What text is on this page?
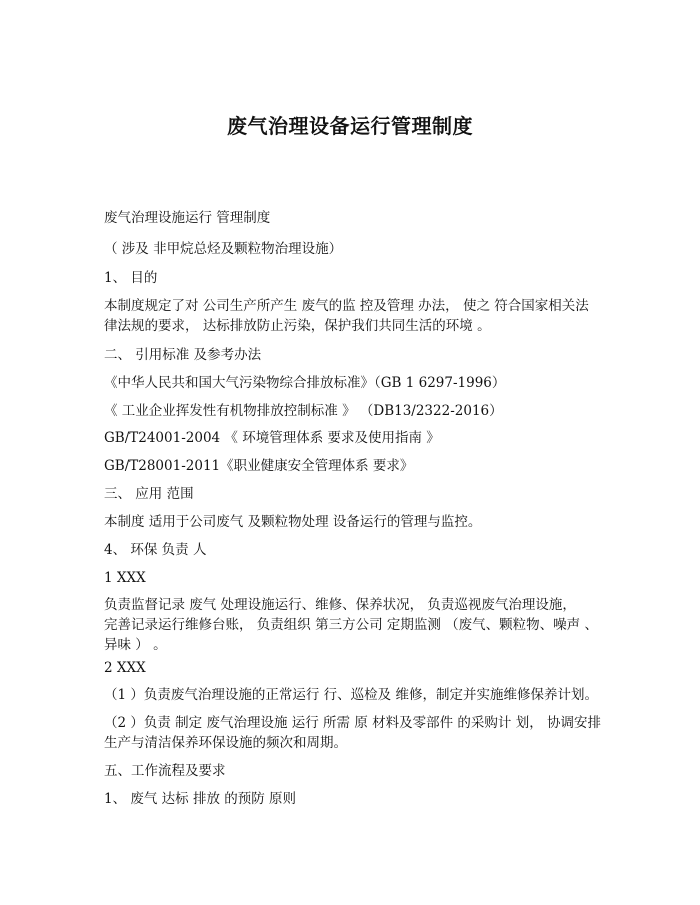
废气治理设备运行管理制度
废气治理设施运行 管理制度
（ 涉及 非甲烷总烃及颗粒物治理设施）
1、 目的
本制度规定了对 公司生产所产生 废气的监 控及管理 办法， 使之 符合国家相关法
律法规的要求， 达标排放防止污染，保护我们共同生活的环境 。
二、 引用标准 及参考办法
《中华人民共和国大气污染物综合排放标准》（GB 1 6297-1996）
《 工业企业挥发性有机物排放控制标准 》 （DB13/2322-2016）
GB/T24001-2004 《 环境管理体系 要求及使用指南 》
GB/T28001-2011《职业健康安全管理体系 要求》
三、 应用 范围
本制度 适用于公司废气 及颗粒物处理 设备运行的管理与监控。
4、 环保 负责 人
1 XXX
负责监督记录 废气 处理设施运行、维修、保养状况， 负责巡视废气治理设施，
完善记录运行维修台账， 负责组织 第三方公司 定期监测 （废气、颗粒物、噪声 、
异味 ） 。
2 XXX
（1 ）负责废气治理设施的正常运行 行、巡检及 维修，制定并实施维修保养计划。
（2 ）负责 制定 废气治理设施 运行 所需 原 材料及零部件 的采购计 划， 协调安排
生产与清洁保养环保设施的频次和周期。
五、工作流程及要求
1、 废气 达标 排放 的预防 原则
